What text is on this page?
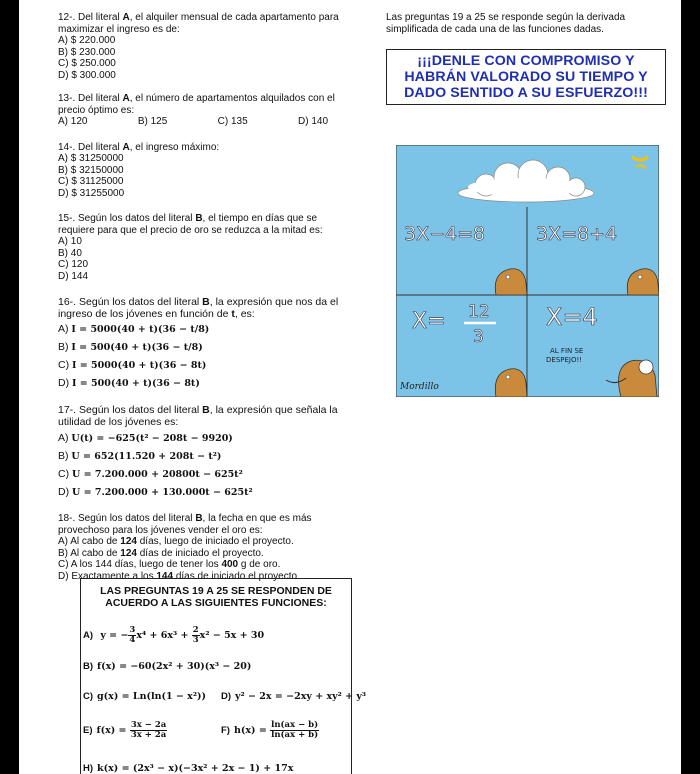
12-. Del literal A, el alquiler mensual de cada apartamento para maximizar el ingreso es de:

A) $ 220.000

B) $ 230.000

C) $ 250.000

D) $ 300.000

13-. Del literal A, el número de apartamentos alquilados con el precio óptimo es:

A) 120	B) 125	C) 135	D) 140

14-. Del literal A, el ingreso máximo:

A) $ 31250000

B) $ 32150000

C) $ 31125000

D) $ 31255000

15-. Según los datos del literal B, el tiempo en días que se requiere para que el precio de oro se reduzca a la mitad es:

A) 10

B) 40

C) 120

D) 144

16-. Según los datos del literal B, la expresión que nos da el ingreso de los jóvenes en función de t, es:

A) I = 5000(40 + t)(36 − t/8)

B) I = 500(40 + t)(36 − t/8)

C) I = 5000(40 + t)(36 − 8t)

D) I = 500(40 + t)(36 − 8t)

17-. Según los datos del literal B, la expresión que señala la utilidad de los jóvenes es:

A) U(t) = −625(t² − 208t − 9920)

B) U = 652(11.520 + 208t − t²)

C) U = 7.200.000 + 20800t − 625t²

D) U = 7.200.000 + 130.000t − 625t²

18-. Según los datos del literal B, la fecha en que es más provechoso para los jóvenes vender el oro es:

A) Al cabo de 124 días, luego de iniciado el proyecto.

B) Al cabo de 124 días de iniciado el proyecto.

C) A los 144 días, luego de tener los 400 g de oro.

D) Exactamente a los 144 días de iniciado el proyecto.

Las preguntas 19 a 25 se responde según la derivada simplificada de cada una de las funciones dadas.

¡¡¡DENLE CON COMPROMISO Y HABRÁN VALORADO SU TIEMPO Y DADO SENTIDO A SU ESFUERZO!!!
3X−4=8	3X=8+4
X= 12
3
X=4
AL FIN SE
DESPEJO!!
Mordillo
LAS PREGUNTAS 19 A 25 SE RESPONDEN DE ACUERDO A LAS SIGUIENTES FUNCIONES:
A) y = − $\frac{3}{4} x^4 + 6x^3 + \frac{2}{3} x^2 - 5x + 30$
B) f(x) = −60(2x² + 30)(x³ − 20)
C) g(x) = Ln(ln(1 − x²)) D) y² − 2x = −2xy + xy² + y³
E) $f(x) = \frac{3x - 2a}{3x + 2a}$	F) $h(x) = \frac{\ln(ax - b)}{\ln(ax + b)}$
H) k(x) = (2x³ − x)(−3x² + 2x − 1) + 17x
